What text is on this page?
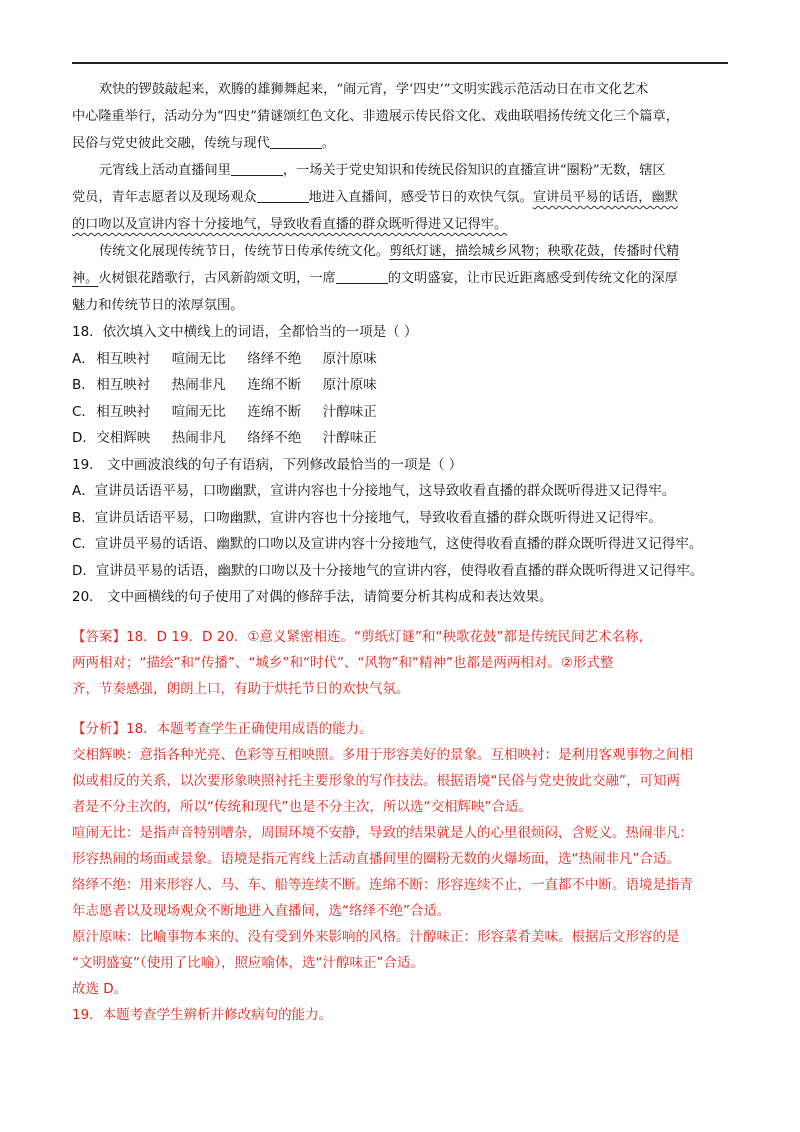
欢快的锣鼓敲起来，欢腾的雄狮舞起来，“闹元宵，学‘四史’”文明实践示范活动日在市文化艺术
中心隆重举行，活动分为“四史”猜谜颂红色文化、非遗展示传民俗文化、戏曲联唱扬传统文化三个篇章，
民俗与党史彼此交融，传统与现代	。
元宵线上活动直播间里	，一场关于党史知识和传统民俗知识的直播宣讲“圈粉”无数，辖区
党员，青年志愿者以及现场观众	地进入直播间，感受节日的欢快气氛。宣讲员平易的话语，幽默
的口吻以及宣讲内容十分接地气，导致收看直播的群众既听得进又记得牢。
传统文化展现传统节日，传统节日传承传统文化。剪纸灯谜，描绘城乡风物；秧歌花鼓，传播时代精
神。火树银花踏歌行，古风新韵颂文明，一席	的文明盛宴，让市民近距离感受到传统文化的深厚
魅力和传统节日的浓厚氛围。
18．依次填入文中横线上的词语，全都恰当的一项是（ ）
A． 相互映衬 喧闹无比 络绎不绝 原汁原味
B． 相互映衬 热闹非凡 连绵不断 原汁原味
C． 相互映衬 喧闹无比 连绵不断 汁醇味正
D． 交相辉映 热闹非凡 络绎不绝 汁醇味正
19． 文中画波浪线的句子有语病，下列修改最恰当的一项是（ ）
A．宣讲员话语平易，口吻幽默，宣讲内容也十分接地气，这导致收看直播的群众既听得进又记得牢。
B．宣讲员话语平易，口吻幽默，宣讲内容也十分接地气，导致收看直播的群众既听得进又记得牢。
C．宣讲员平易的话语、幽默的口吻以及宣讲内容十分接地气，这使得收看直播的群众既听得进又记得牢。
D．宣讲员平易的话语，幽默的口吻以及十分接地气的宣讲内容，使得收看直播的群众既听得进又记得牢。
20． 文中画横线的句子使用了对偶的修辞手法，请简要分析其构成和表达效果。
【答案】18．D 19．D 20．①意义紧密相连。“剪纸灯谜”和“秧歌花鼓”都是传统民间艺术名称，
两两相对；“描绘”和“传播”、“城乡”和“时代”、“风物”和“精神”也都是两两相对。②形式整
齐，节奏感强，朗朗上口，有助于烘托节日的欢快气氛。
【分析】18．本题考查学生正确使用成语的能力。
交相辉映：意指各种光亮、色彩等互相映照。多用于形容美好的景象。互相映衬：是利用客观事物之间相
似或相反的关系，以次要形象映照衬托主要形象的写作技法。根据语境“民俗与党史彼此交融”，可知两
者是不分主次的，所以“传统和现代”也是不分主次，所以选“交相辉映”合适。
喧闹无比：是指声音特别嘈杂，周围环境不安静，导致的结果就是人的心里很烦闷，含贬义。热闹非凡：
形容热闹的场面或景象。语境是指元宵线上活动直播间里的圈粉无数的火爆场面，选“热闹非凡”合适。
络绎不绝：用来形容人、马、车、船等连续不断。连绵不断：形容连续不止，一直都不中断。语境是指青
年志愿者以及现场观众不断地进入直播间，选“络绎不绝”合适。
原汁原味：比喻事物本来的、没有受到外来影响的风格。汁醇味正：形容菜肴美味。根据后文形容的是
“文明盛宴”（使用了比喻），照应喻体，选“汁醇味正”合适。
故选 D。
19．本题考查学生辨析并修改病句的能力。
